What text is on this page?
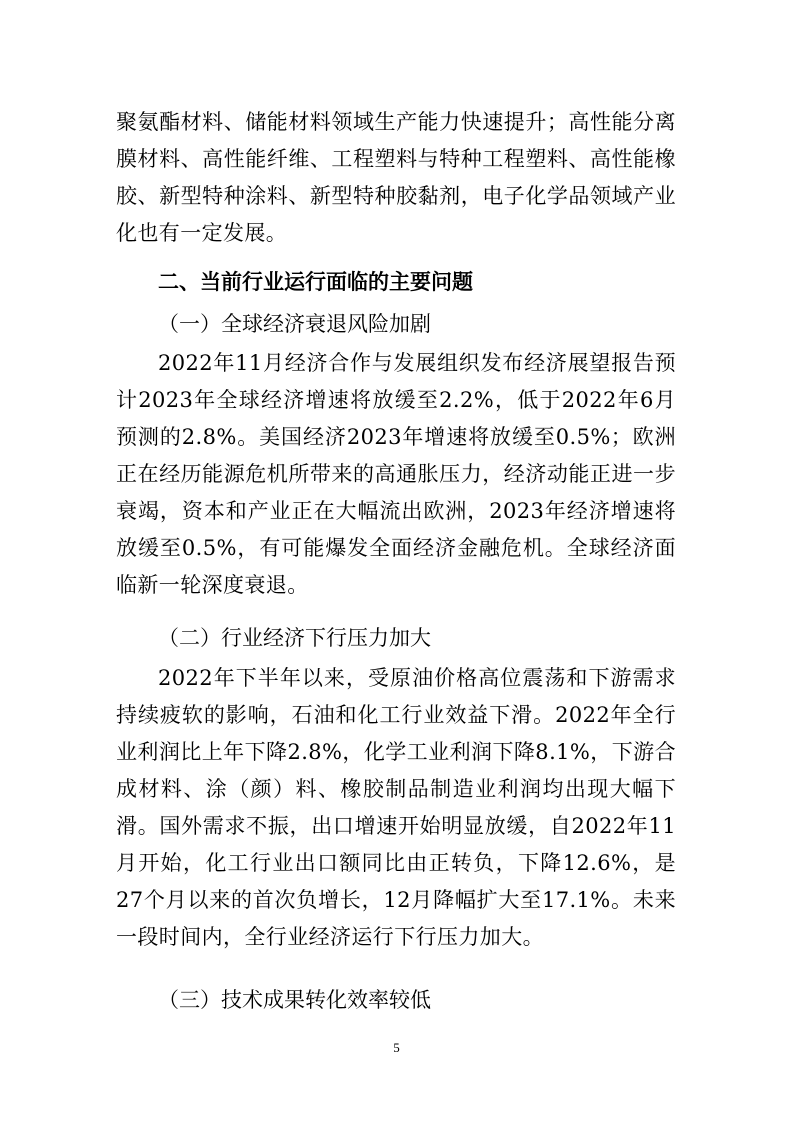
聚氨酯材料、储能材料领域生产能力快速提升；高性能分离膜材料、高性能纤维、工程塑料与特种工程塑料、高性能橡胶、新型特种涂料、新型特种胶黏剂，电子化学品领域产业化也有一定发展。

二、当前行业运行面临的主要问题

（一）全球经济衰退风险加剧

2022年11月经济合作与发展组织发布经济展望报告预计2023年全球经济增速将放缓至2.2%，低于2022年6月预测的2.8%。美国经济2023年增速将放缓至0.5%；欧洲正在经历能源危机所带来的高通胀压力，经济动能正进一步衰竭，资本和产业正在大幅流出欧洲，2023年经济增速将放缓至0.5%，有可能爆发全面经济金融危机。全球经济面临新一轮深度衰退。

（二）行业经济下行压力加大

2022年下半年以来，受原油价格高位震荡和下游需求持续疲软的影响，石油和化工行业效益下滑。2022年全行业利润比上年下降2.8%，化学工业利润下降8.1%，下游合成材料、涂（颜）料、橡胶制品制造业利润均出现大幅下滑。国外需求不振，出口增速开始明显放缓，自2022年11月开始，化工行业出口额同比由正转负，下降12.6%，是27个月以来的首次负增长，12月降幅扩大至17.1%。未来一段时间内，全行业经济运行下行压力加大。

（三）技术成果转化效率较低

5
